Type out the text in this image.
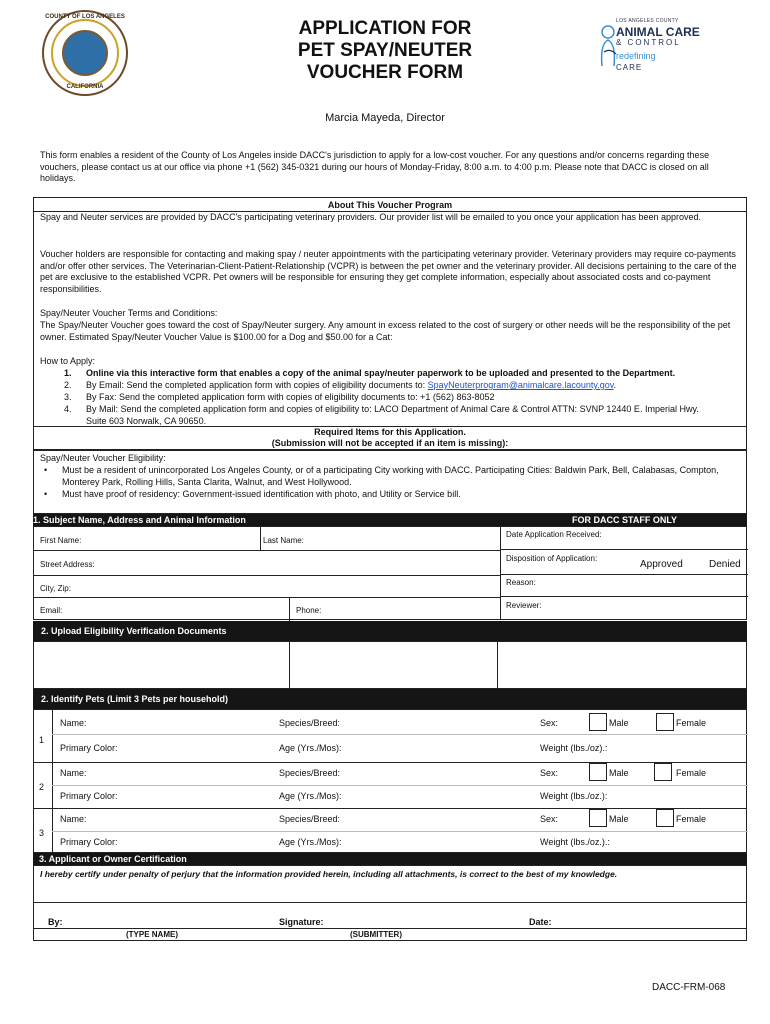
COUNTY OF LOS ANGELES
CALIFORNIA
APPLICATION FOR
PET SPAY/NEUTER
VOUCHER FORM
LOS ANGELES COUNTY
ANIMAL CARE
& CONTROL
redefining
CARE
Marcia Mayeda, Director
This form enables a resident of the County of Los Angeles inside DACC's jurisdiction to apply for a low-cost voucher. For any questions and/or concerns regarding these vouchers, please contact us at our office via phone +1 (562) 345-0321 during our hours of Monday-Friday, 8:00 a.m. to 4:00 p.m. Please note that DACC is closed on all holidays.
About This Voucher Program
Spay and Neuter services are provided by DACC's participating veterinary providers. Our provider list will be emailed to you once your application has been approved.
Voucher holders are responsible for contacting and making spay / neuter appointments with the participating veterinary provider. Veterinary providers may require co-payments and/or offer other services. The Veterinarian-Client-Patient-Relationship (VCPR) is between the pet owner and the veterinary provider. All decisions pertaining to the care of the pet are exclusive to the established VCPR. Pet owners will be responsible for ensuring they get complete information, especially about associated costs and co-payment responsibilities.
Spay/Neuter Voucher Terms and Conditions:
The Spay/Neuter Voucher goes toward the cost of Spay/Neuter surgery. Any amount in excess related to the cost of surgery or other needs will be the responsibility of the pet owner. Estimated Spay/Neuter Voucher Value is $100.00 for a Dog and $50.00 for a Cat:
How to Apply:
1. Online via this interactive form that enables a copy of the animal spay/neuter paperwork to be uploaded and presented to the Department.
2. By Email: Send the completed application form with copies of eligibility documents to: SpayNeuterprogram@animalcare.lacounty.gov.
3. By Fax: Send the completed application form with copies of eligibility documents to: +1 (562) 863-8052
4. By Mail: Send the completed application form and copies of eligibility to: LACO Department of Animal Care & Control ATTN: SVNP 12440 E. Imperial Hwy. Suite 603 Norwalk, CA 90650.
Required Items for this Application.
(Submission will not be accepted if an item is missing):
Spay/Neuter Voucher Eligibility:
• Must be a resident of unincorporated Los Angeles County, or of a participating City working with DACC. Participating Cities: Baldwin Park, Bell, Calabasas, Compton, Monterey Park, Rolling Hills, Santa Clarita, Walnut, and West Hollywood.
• Must have proof of residency: Government-issued identification with photo, and Utility or Service bill.
1. Subject Name, Address and Animal Information	FOR DACC STAFF ONLY
First Name:	Last Name:
Street Address:
City, Zip:
Email:	Phone:
Date Application Received:
Disposition of Application:
Approved	Denied
Reason:
Reviewer:
2. Upload Eligibility Verification Documents
2. Identify Pets (Limit 3 Pets per household)
1
Name:	Species/Breed:	Sex:	Male	Female
Primary Color:	Age (Yrs./Mos):	Weight (lbs./oz).:
2
Name:	Species/Breed:	Sex:	Male	Female
Primary Color:	Age (Yrs./Mos):	Weight (lbs./oz.):
3
Name:	Species/Breed:	Sex:	Male	Female
Primary Color:	Age (Yrs./Mos):	Weight (lbs./oz.).:
3. Applicant or Owner Certification
I hereby certify under penalty of perjury that the information provided herein, including all attachments, is correct to the best of my knowledge.
By:	Signature:	Date:
(TYPE NAME)	(SUBMITTER)
DACC-FRM-068
